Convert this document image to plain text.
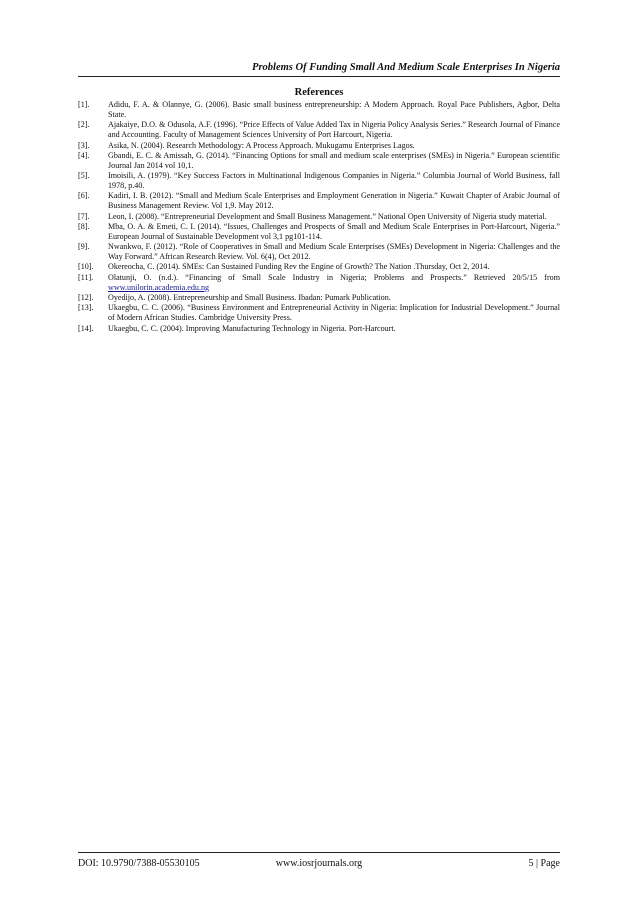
Problems Of Funding Small And Medium Scale Enterprises In Nigeria
References
[1].	Adidu, F. A. & Olannye, G. (2006). Basic small business entrepreneurship: A Modern Approach. Royal Pace Publishers, Agbor, Delta State.
[2].	Ajakaiye, D.O. & Odusola, A.F. (1996). “Price Effects of Value Added Tax in Nigeria Policy Analysis Series.” Research Journal of Finance and Accounting. Faculty of Management Sciences University of Port Harcourt, Nigeria.
[3].	Asika, N. (2004). Research Methodology: A Process Approach. Mukugamu Enterprises Lagos.
[4].	Gbandi, E. C. & Amissah, G. (2014). “Financing Options for small and medium scale enterprises (SMEs) in Nigeria.” European scientific Journal Jan 2014 vol 10,1.
[5].	Imoisili, A. (1979). “Key Success Factors in Multinational Indigenous Companies in Nigeria.” Columbia Journal of World Business, fall 1978, p.40.
[6].	Kadiri, I. B. (2012). “Small and Medium Scale Enterprises and Employment Generation in Nigeria.” Kuwait Chapter of Arabic Journal of Business Management Review. Vol 1,9. May 2012.
[7].	Leon, I. (2008). “Entrepreneurial Development and Small Business Management.” National Open University of Nigeria study material.
[8].	Mba, O. A. & Emeti, C. I. (2014). “Issues, Challenges and Prospects of Small and Medium Scale Enterprises in Port-Harcourt, Nigeria.” European Journal of Sustainable Development vol 3,1 pg101-114.
[9].	Nwankwo, F. (2012). “Role of Cooperatives in Small and Medium Scale Enterprises (SMEs) Development in Nigeria: Challenges and the Way Forward.” African Research Review. Vol. 6(4), Oct 2012.
[10].	Okereocha, C. (2014). SMEs: Can Sustained Funding Rev the Engine of Growth? The Nation .Thursday, Oct 2, 2014.
[11].	Olatunji, O. (n.d.). “Financing of Small Scale Industry in Nigeria; Problems and Prospects.” Retrieved 20/5/15 from www.unilorin.academia.edu.ng
[12].	Oyedijo, A. (2008). Entrepreneurship and Small Business. Ibadan: Pumark Publication.
[13].	Ukaegbu, C. C. (2006). “Business Environment and Entrepreneurial Activity in Nigeria: Implication for Industrial Development.” Journal of Modern African Studies. Cambridge University Press.
[14].	Ukaegbu, C. C. (2004). Improving Manufacturing Technology in Nigeria. Port-Harcourt.
DOI: 10.9790/7388-05530105	www.iosrjournals.org	5 | Page
